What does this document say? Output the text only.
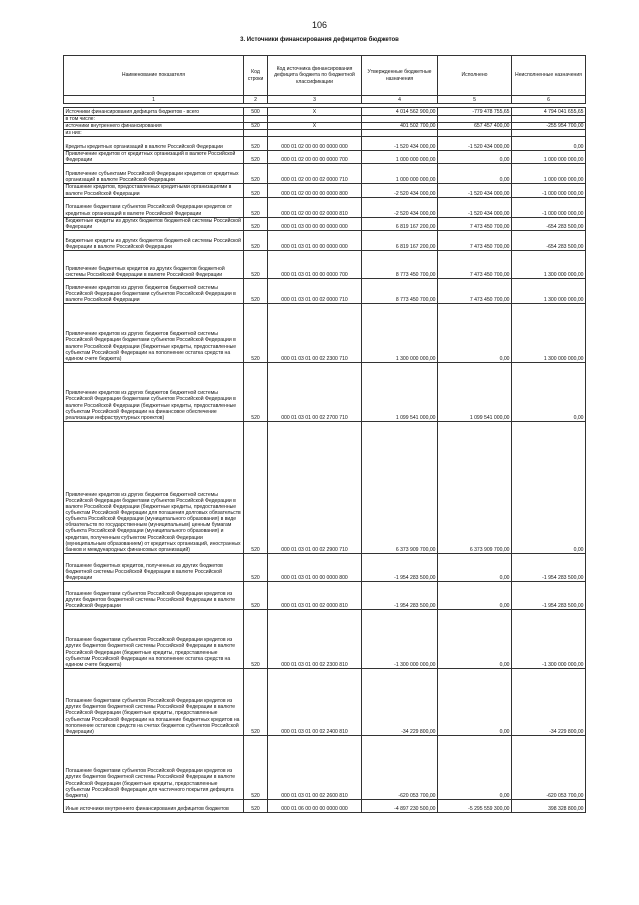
106
3. Источники финансирования дефицитов бюджетов
Наименование показателя	Код строки	Код источника финансирования дефицита бюджета по бюджетной классификации	Утвержденные бюджетные назначения	Исполнено	Неисполненные назначения
1	2	3	4	5	6

Источники финансирования дефицита бюджетов - всего	500	X	4 014 562 900,00	-779 478 755,65	4 794 041 655,65
в том числе:					
источники внутреннего финансирования	520	X	401 502 700,00	657 457 400,00	-255 954 700,00
из них:					
Кредиты кредитных организаций в валюте Российской Федерации	520	000 01 02 00 00 00 0000 000	-1 520 434 000,00	-1 520 434 000,00	0,00
Привлечение кредитов от кредитных организаций в валюте Российской Федерации	520	000 01 02 00 00 00 0000 700	1 000 000 000,00	0,00	1 000 000 000,00
Привлечение субъектами Российской Федерации кредитов от кредитных организаций в валюте Российской Федерации	520	000 01 02 00 00 02 0000 710	1 000 000 000,00	0,00	1 000 000 000,00
Погашение кредитов, предоставленных кредитными организациями в валюте Российской Федерации	520	000 01 02 00 00 00 0000 800	-2 520 434 000,00	-1 520 434 000,00	-1 000 000 000,00
Погашение бюджетами субъектов Российской Федерации кредитов от кредитных организаций в валюте Российской Федерации	520	000 01 02 00 00 02 0000 810	-2 520 434 000,00	-1 520 434 000,00	-1 000 000 000,00
Бюджетные кредиты из других бюджетов бюджетной системы Российской Федерации	520	000 01 03 00 00 00 0000 000	6 819 167 200,00	7 473 450 700,00	-654 283 500,00
Бюджетные кредиты из других бюджетов бюджетной системы Российской Федерации в валюте Российской Федерации	520	000 01 03 01 00 00 0000 000	6 819 167 200,00	7 473 450 700,00	-654 283 500,00
Привлечение бюджетных кредитов из других бюджетов бюджетной системы Российской Федерации в валюте Российской Федерации	520	000 01 03 01 00 00 0000 700	8 773 450 700,00	7 473 450 700,00	1 300 000 000,00
Привлечение кредитов из других бюджетов бюджетной системы Российской Федерации бюджетами субъектов Российской Федерации в валюте Российской Федерации	520	000 01 03 01 00 02 0000 710	8 773 450 700,00	7 473 450 700,00	1 300 000 000,00
Привлечение кредитов из других бюджетов бюджетной системы Российской Федерации бюджетами субъектов Российской Федерации в валюте Российской Федерации (бюджетные кредиты, предоставленные субъектам Российской Федерации на пополнение остатка средств на едином счете бюджета)	520	000 01 03 01 00 02 2300 710	1 300 000 000,00	0,00	1 300 000 000,00
Привлечение кредитов из других бюджетов бюджетной системы Российской Федерации бюджетами субъектов Российской Федерации в валюте Российской Федерации (бюджетные кредиты, предоставленные субъектам Российской Федерации на финансовое обеспечение реализации инфраструктурных проектов)	520	000 01 03 01 00 02 2700 710	1 099 541 000,00	1 099 541 000,00	0,00
Привлечение кредитов из других бюджетов бюджетной системы Российской Федерации бюджетами субъектов Российской Федерации в валюте Российской Федерации (бюджетные кредиты, предоставленные субъектам Российской Федерации для погашения долговых обязательств субъекта Российской Федерации (муниципального образования) в виде обязательств по государственным (муниципальным) ценным бумагам субъекта Российской Федерации (муниципального образования) и кредитам, полученным субъектом Российской Федерации (муниципальным образованием) от кредитных организаций, иностранных банков и международных финансовых организаций)	520	000 01 03 01 00 02 2900 710	6 373 909 700,00	6 373 909 700,00	0,00
Погашение бюджетных кредитов, полученных из других бюджетов бюджетной системы Российской Федерации в валюте Российской Федерации	520	000 01 03 01 00 00 0000 800	-1 954 283 500,00	0,00	-1 954 283 500,00
Погашение бюджетами субъектов Российской Федерации кредитов из других бюджетов бюджетной системы Российской Федерации в валюте Российской Федерации	520	000 01 03 01 00 02 0000 810	-1 954 283 500,00	0,00	-1 954 283 500,00
Погашение бюджетами субъектов Российской Федерации кредитов из других бюджетов бюджетной системы Российской Федерации в валюте Российской Федерации (бюджетные кредиты, предоставленные субъектам Российской Федерации на пополнение остатка средств на едином счете бюджета)	520	000 01 03 01 00 02 2300 810	-1 300 000 000,00	0,00	-1 300 000 000,00
Погашение бюджетами субъектов Российской Федерации кредитов из других бюджетов бюджетной системы Российской Федерации в валюте Российской Федерации (бюджетные кредиты, предоставленные субъектам Российской Федерации на погашение бюджетных кредитов на пополнение остатков средств на счетах бюджетов субъектов Российской Федерации)	520	000 01 03 01 00 02 2400 810	-34 229 800,00	0,00	-34 229 800,00
Погашение бюджетами субъектов Российской Федерации кредитов из других бюджетов бюджетной системы Российской Федерации в валюте Российской Федерации (бюджетные кредиты, предоставленные субъектам Российской Федерации для частичного покрытия дефицита бюджета)	520	000 01 03 01 00 02 2600 810	-620 053 700,00	0,00	-620 053 700,00
Иные источники внутреннего финансирования дефицитов бюджетов	520	000 01 06 00 00 00 0000 000	-4 897 230 500,00	-5 295 559 300,00	398 328 800,00
